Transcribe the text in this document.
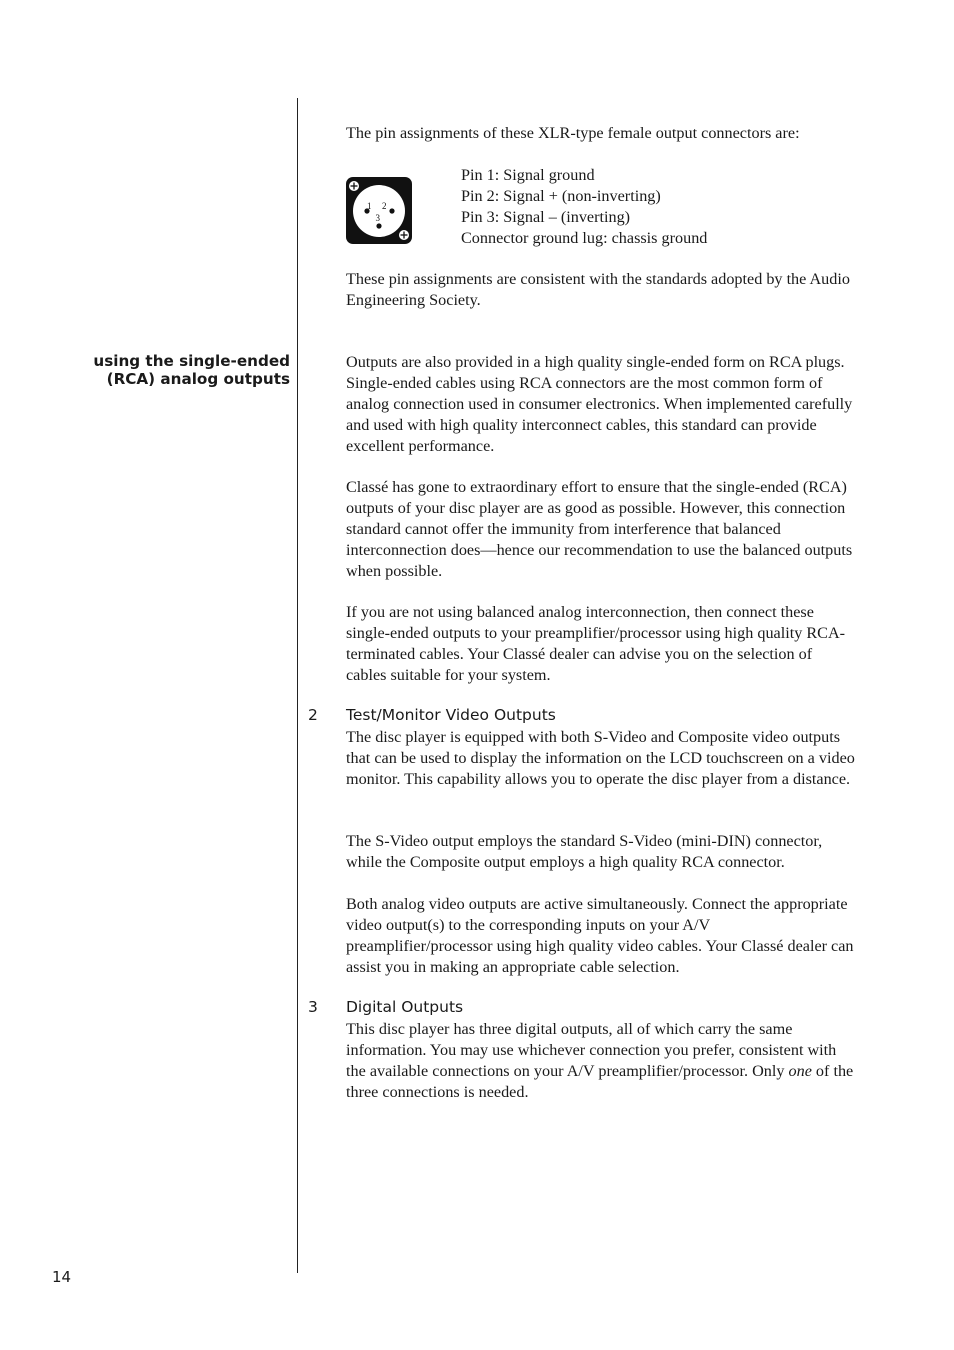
The pin assignments of these XLR-type female output connectors are:

1 2
3
Pin 1: Signal ground
Pin 2: Signal + (non-inverting)
Pin 3: Signal – (inverting)
Connector ground lug: chassis ground

These pin assignments are consistent with the standards adopted by the Audio Engineering Society.

using the single-ended
(RCA) analog outputs

Outputs are also provided in a high quality single-ended form on RCA plugs. Single-ended cables using RCA connectors are the most common form of analog connection used in consumer electronics. When implemented carefully and used with high quality interconnect cables, this standard can provide excellent performance.

Classé has gone to extraordinary effort to ensure that the single-ended (RCA) outputs of your disc player are as good as possible. However, this connection standard cannot offer the immunity from interference that balanced interconnection does—hence our recommendation to use the balanced outputs when possible.

If you are not using balanced analog interconnection, then connect these single-ended outputs to your preamplifier/processor using high quality RCA-terminated cables. Your Classé dealer can advise you on the selection of cables suitable for your system.

2 Test/Monitor Video Outputs

The disc player is equipped with both S-Video and Composite video outputs that can be used to display the information on the LCD touchscreen on a video monitor. This capability allows you to operate the disc player from a distance.

The S-Video output employs the standard S-Video (mini-DIN) connector, while the Composite output employs a high quality RCA connector.

Both analog video outputs are active simultaneously. Connect the appropriate video output(s) to the corresponding inputs on your A/V preamplifier/processor using high quality video cables. Your Classé dealer can assist you in making an appropriate cable selection.

3 Digital Outputs

This disc player has three digital outputs, all of which carry the same information. You may use whichever connection you prefer, consistent with the available connections on your A/V preamplifier/processor. Only one of the three connections is needed.

14
